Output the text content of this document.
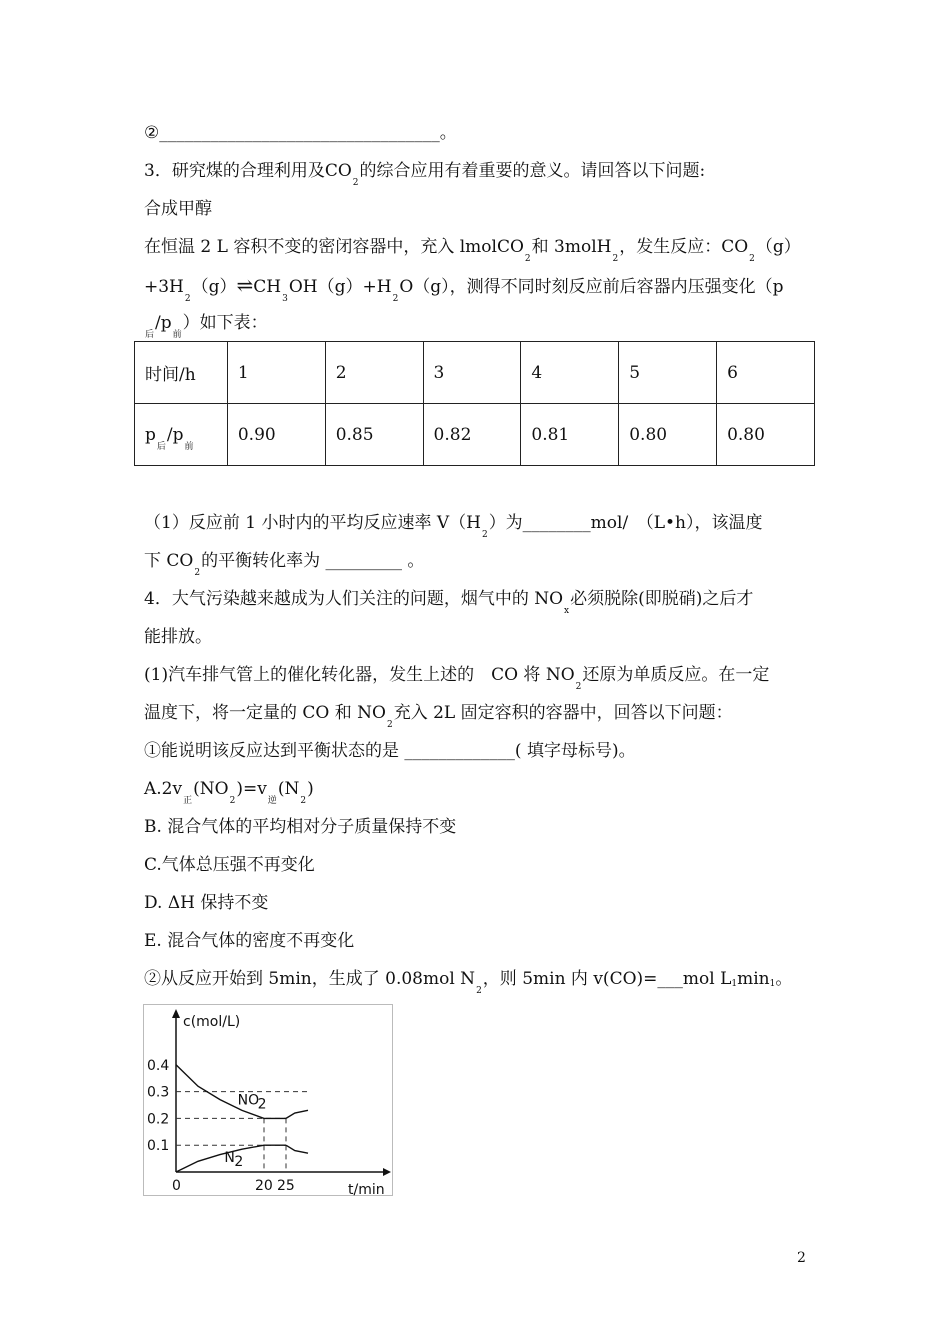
②_________________________________。
3．研究煤的合理利用及$CO_2$的综合应用有着重要的意义。请回答以下问题:
合成甲醇
在恒温 2 L 容积不变的密闭容器中，充入 lmolCO$_2$和 3molH$_2$，发生反应：$CO_2(g)$
$+3H_2(g)\rightleftharpoons CH_3OH(g)+H_2O(g)$，测得不同时刻反应前后容器内压强变化（p
$_后/p_前$）如下表：
时间/h	1	2	3	4	5	6
$p_后/p_前$	0.90	0.85	0.82	0.81	0.80	0.80
（1）反应前 1 小时内的平均反应速率 $V(H_2)$为________mol/　（L•h），该温度
下 $CO_2$的平衡转化率为 _________ 。
4．大气污染越来越成为人们关注的问题，烟气中的 $NO_x$必须脱除(即脱硝)之后才
能排放。
(1)汽车排气管上的催化转化器，发生上述的　CO 将 $NO_2$还原为单质反应。在一定
温度下，将一定量的 CO 和 $NO_2$充入 2L 固定容积的容器中，回答以下问题：
①能说明该反应达到平衡状态的是 _____________( 填字母标号)。
$A.2v_正(NO_2)=v_逆(N_2)$
B. 混合气体的平均相对分子质量保持不变
C.气体总压强不再变化
D. ΔH 保持不变
E. 混合气体的密度不再变化
②从反应开始到 5min，生成了 0.08mol $N_2$，则 5min 内 v(CO)=___mol L1min1。
c(mol/L)
t/min
0.4
0.3
0.2
0.1
0	20 25
NO
2
N 2
2
